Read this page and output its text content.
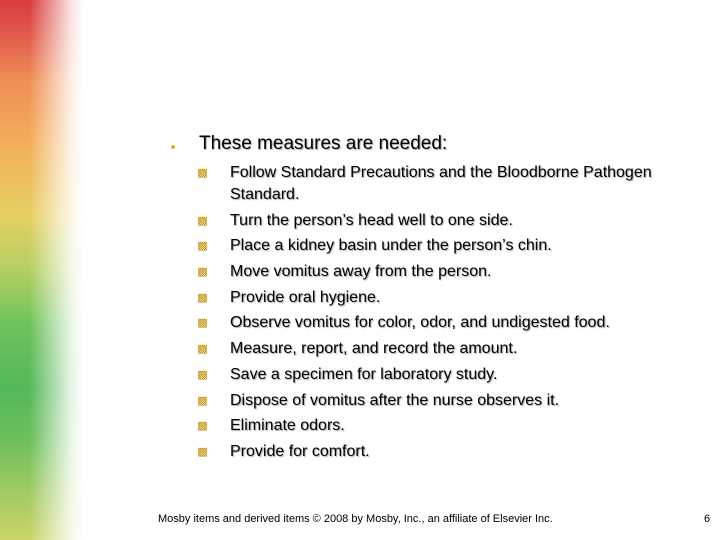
▪	These measures are needed:
▩ Follow Standard Precautions and the Bloodborne Pathogen Standard.
▩ Turn the person’s head well to one side.
▩ Place a kidney basin under the person’s chin.
▩ Move vomitus away from the person.
▩ Provide oral hygiene.
▩ Observe vomitus for color, odor, and undigested food.
▩ Measure, report, and record the amount.
▩ Save a specimen for laboratory study.
▩ Dispose of vomitus after the nurse observes it.
▩ Eliminate odors.
▩ Provide for comfort.
Mosby items and derived items © 2008 by Mosby, Inc., an affiliate of Elsevier Inc.	6
